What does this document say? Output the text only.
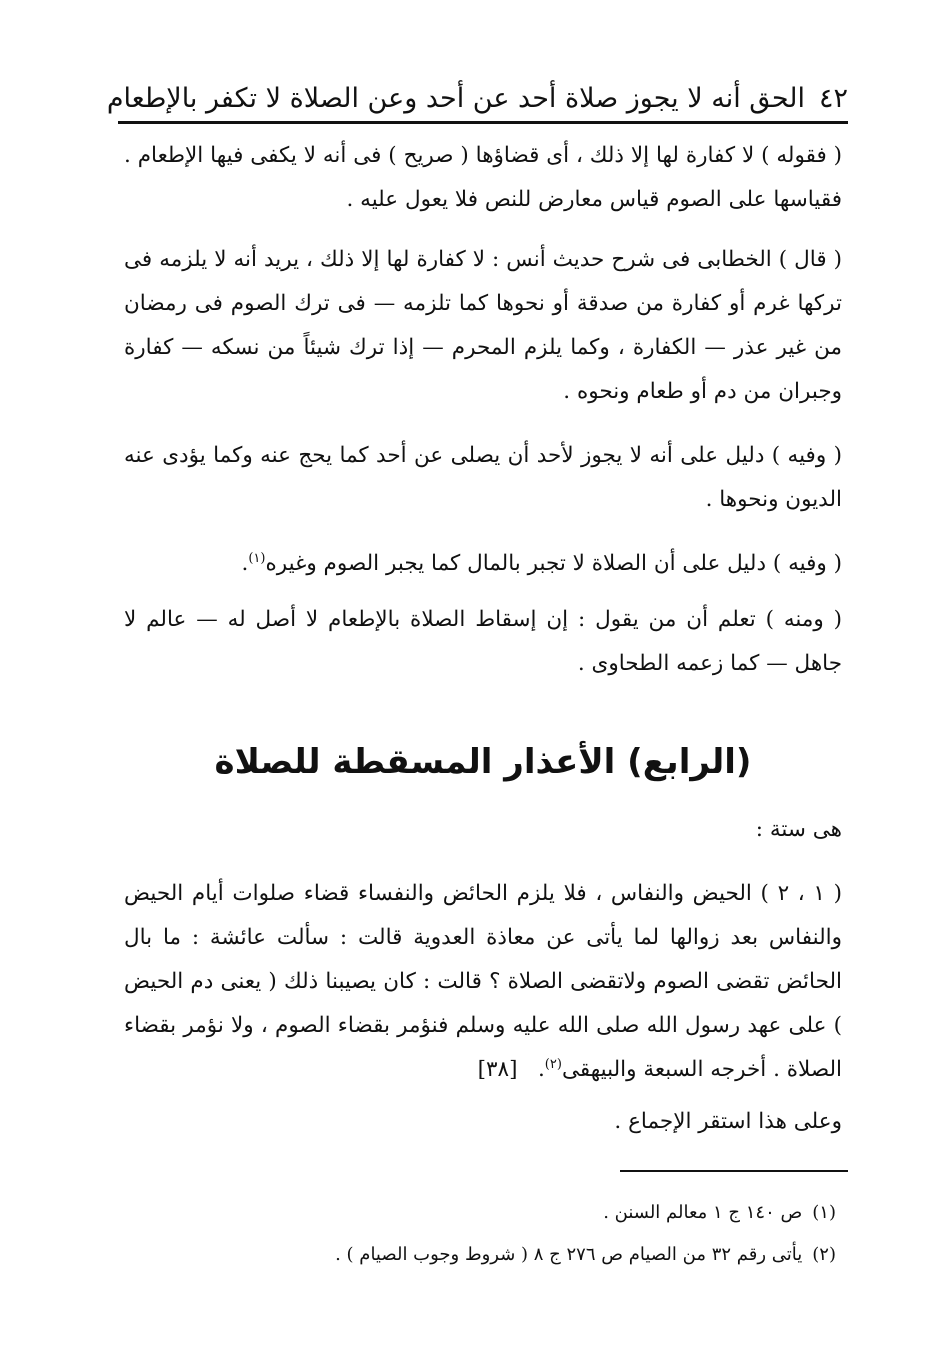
٤٢
الحق أنه لا يجوز صلاة أحد عن أحد وعن الصلاة لا تكفر بالإطعام

( فقوله ) لا كفارة لها إلا ذلك ، أى قضاؤها ( صريح ) فى أنه لا يكفى فيها الإطعام . فقياسها على الصوم قياس معارض للنص فلا يعول عليه .

( قال ) الخطابى فى شرح حديث أنس : لا كفارة لها إلا ذلك ، يريد أنه لا يلزمه فى تركها غرم أو كفارة من صدقة أو نحوها كما تلزمه — فى ترك الصوم فى رمضان من غير عذر — الكفارة ، وكما يلزم المحرم — إذا ترك شيئاً من نسكه — كفارة وجبران من دم أو طعام ونحوه .

( وفيه ) دليل على أنه لا يجوز لأحد أن يصلى عن أحد كما يحج عنه وكما يؤدى عنه الديون ونحوها .

( وفيه ) دليل على أن الصلاة لا تجبر بالمال كما يجبر الصوم وغيره$^{(١)}$.

( ومنه ) تعلم أن من يقول : إن إسقاط الصلاة بالإطعام لا أصل له — عالم لا جاهل — كما زعمه الطحاوى .

(الرابع) الأعذار المسقطة للصلاة

هى ستة :

( ١ ، ٢ ) الحيض والنفاس ، فلا يلزم الحائض والنفساء قضاء صلوات أيام الحيض والنفاس بعد زوالها لما يأتى عن معاذة العدوية قالت : سألت عائشة : ما بال الحائض تقضى الصوم ولاتقضى الصلاة ؟ قالت : كان يصيبنا ذلك ( يعنى دم الحيض ) على عهد رسول الله صلى الله عليه وسلم فنؤمر بقضاء الصوم ، ولا نؤمر بقضاء الصلاة . أخرجه السبعة والبيهقى$^{(٢)}$.   [٣٨]

وعلى هذا استقر الإجماع .

(١)ص ١٤٠ ج ١ معالم السنن .

(٢)يأتى رقم ٣٢ من الصيام ص ٢٧٦ ج ٨ ( شروط وجوب الصيام ) .
